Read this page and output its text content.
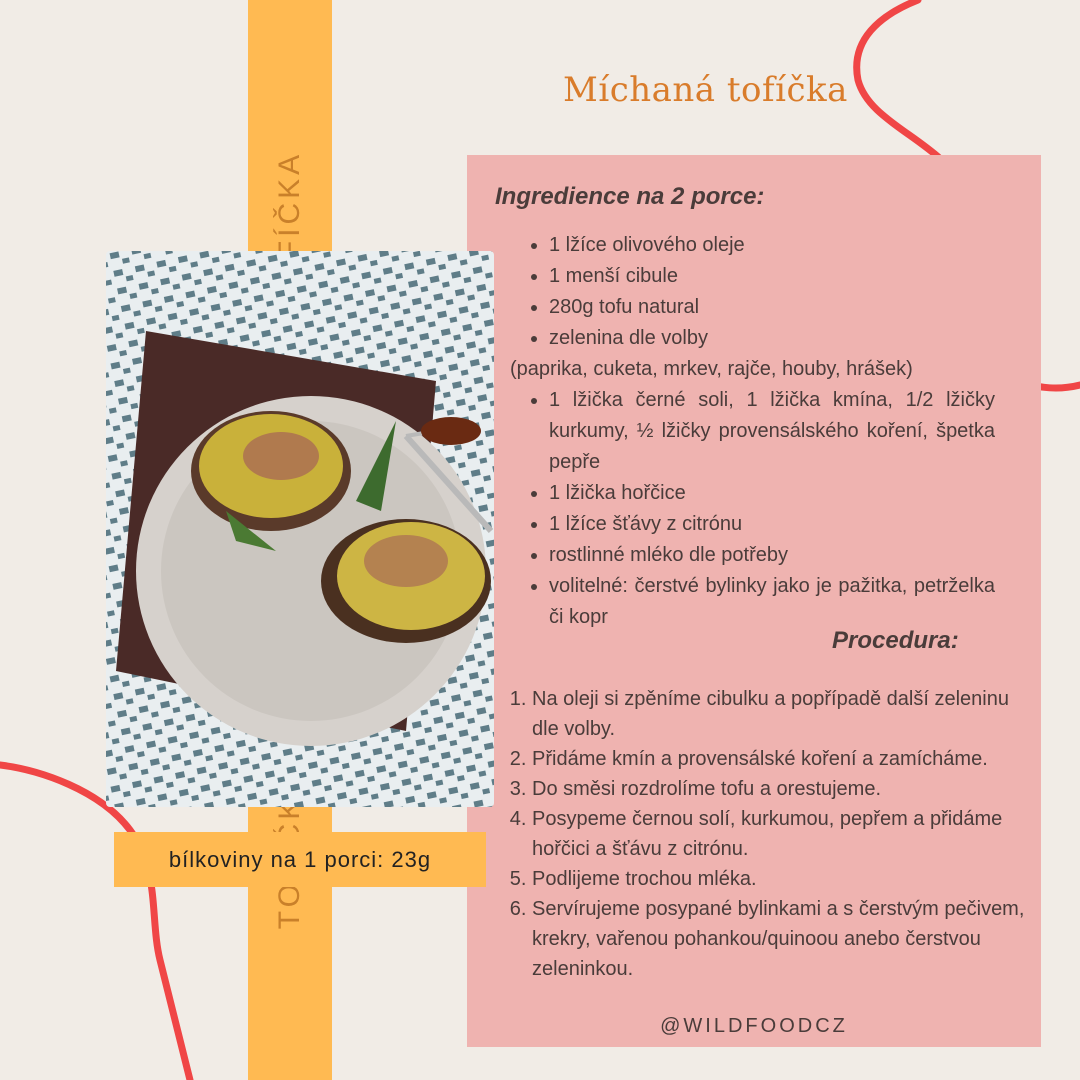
Míchaná tofíčka
Ingredience na 2 porce:
• 1 lžíce olivového oleje
• 1 menší cibule
• 280g tofu natural
• zelenina dle volby

(paprika, cuketa, mrkev, rajče, houby, hrášek)

• 1 lžička černé soli, 1 lžička kmína, 1/2 lžičky kurkumy, ½ lžičky provensálského koření, špetka pepře
• 1 lžička hořčice
• 1 lžíce šťávy z citrónu
• rostlinné mléko dle potřeby
• volitelné: čerstvé bylinky jako je pažitka, petrželka či kopr
Procedura:
1. Na oleji si zpěníme cibulku a popřípadě další zeleninu dle volby.
2. Přidáme kmín a provensálské koření a zamícháme.
3. Do směsi rozdrolíme tofu a orestujeme.
4. Posypeme černou solí, kurkumou, pepřem a přidáme hořčici a šťávu z citrónu.
5. Podlijeme trochou mléka.
6. Servírujeme posypané bylinkami a s čerstvým pečivem, krekry, vařenou pohankou/quinoou anebo čerstvou zeleninkou.
@WILDFOODCZ
bílkoviny na 1 porci: 23g
